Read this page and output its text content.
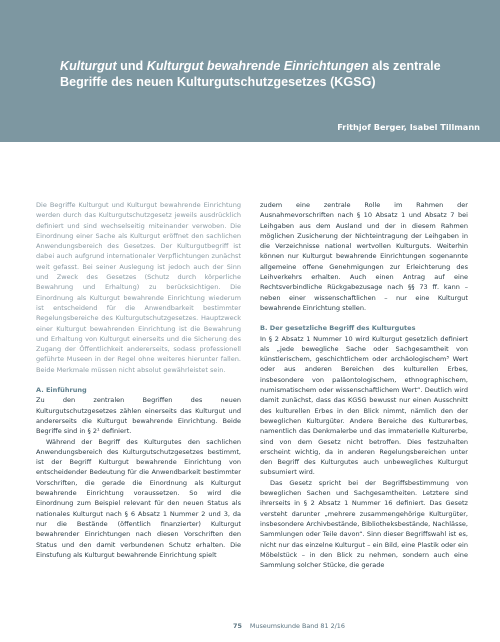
Kulturgut und Kulturgut bewahrende Einrichtungen als zentrale Begriffe des neuen Kulturgutschutzgesetzes (KGSG)

Frithjof Berger, Isabel Tillmann

Die Begriffe Kulturgut und Kulturgut bewahrende Einrichtung werden durch das Kulturgutschutzgesetz jeweils ausdrücklich definiert und sind wechselseitig miteinander verwoben. Die Einordnung einer Sache als Kulturgut eröffnet den sachlichen Anwendungsbereich des Gesetzes. Der Kulturgutbegriff ist dabei auch aufgrund internationaler Verpflichtungen zunächst weit gefasst. Bei seiner Auslegung ist jedoch auch der Sinn und Zweck des Gesetzes (Schutz durch körperliche Bewahrung und Erhaltung) zu berücksichtigen. Die Einordnung als Kulturgut bewahrende Einrichtung wiederum ist entscheidend für die Anwendbarkeit bestimmter Regelungsbereiche des Kulturgutschutzgesetzes. Hauptzweck einer Kulturgut bewahrenden Einrichtung ist die Bewahrung und Erhaltung von Kulturgut einerseits und die Sicherung des Zugang der Öffentlichkeit andererseits, sodass professionell geführte Museen in der Regel ohne weiteres hierunter fallen. Beide Merkmale müssen nicht absolut gewährleistet sein.

A. Einführung

Zu den zentralen Begriffen des neuen Kulturgutschutzgesetzes zählen einerseits das Kulturgut und andererseits die Kulturgut bewahrende Einrichtung. Beide Begriffe sind in § 2¹ definiert.

Während der Begriff des Kulturgutes den sachlichen Anwendungsbereich des Kulturgutschutzgesetzes bestimmt, ist der Begriff Kulturgut bewahrende Einrichtung von entscheidender Bedeutung für die Anwendbarkeit bestimmter Vorschriften, die gerade die Einordnung als Kulturgut bewahrende Einrichtung voraussetzen. So wird die Einordnung zum Beispiel relevant für den neuen Status als nationales Kulturgut nach § 6 Absatz 1 Nummer 2 und 3, da nur die Bestände (öffentlich finanzierter) Kulturgut bewahrender Einrichtungen nach diesen Vorschriften den Status und den damit verbundenen Schutz erhalten. Die Einstufung als Kulturgut bewahrende Einrichtung spielt

zudem eine zentrale Rolle im Rahmen der Ausnahmevorschriften nach § 10 Absatz 1 und Absatz 7 bei Leihgaben aus dem Ausland und der in diesem Rahmen möglichen Zusicherung der Nichteintragung der Leihgaben in die Verzeichnisse national wertvollen Kulturguts. Weiterhin können nur Kulturgut bewahrende Einrichtungen sogenannte allgemeine offene Genehmigungen zur Erleichterung des Leihverkehrs erhalten. Auch einen Antrag auf eine Rechtsverbindliche Rückgabezusage nach §§ 73 ff. kann – neben einer wissenschaftlichen – nur eine Kulturgut bewahrende Einrichtung stellen.

B. Der gesetzliche Begriff des Kulturgutes

In § 2 Absatz 1 Nummer 10 wird Kulturgut gesetzlich definiert als „jede bewegliche Sache oder Sachgesamtheit von künstlerischem, geschichtlichem oder archäologischem³ Wert oder aus anderen Bereichen des kulturellen Erbes, insbesondere von paläontologischem, ethnographischem, numismatischem oder wissenschaftlichem Wert“. Deutlich wird damit zunächst, dass das KGSG bewusst nur einen Ausschnitt des kulturellen Erbes in den Blick nimmt, nämlich den der beweglichen Kulturgüter. Andere Bereiche des Kulturerbes, namentlich das Denkmalerbe und das immaterielle Kulturerbe, sind von dem Gesetz nicht betroffen. Dies festzuhalten erscheint wichtig, da in anderen Regelungsbereichen unter den Begriff des Kulturgutes auch unbewegliches Kulturgut subsumiert wird.

Das Gesetz spricht bei der Begriffsbestimmung von beweglichen Sachen und Sachgesamtheiten. Letztere sind ihrerseits in § 2 Absatz 1 Nummer 16 definiert. Das Gesetz versteht darunter „mehrere zusammengehörige Kulturgüter, insbesondere Archivbestände, Bibliotheksbestände, Nachlässe, Sammlungen oder Teile davon“. Sinn dieser Begriffswahl ist es, nicht nur das einzelne Kulturgut – ein Bild, eine Plastik oder ein Möbelstück – in den Blick zu nehmen, sondern auch eine Sammlung solcher Stücke, die gerade

75 Museumskunde Band 81 2/16
